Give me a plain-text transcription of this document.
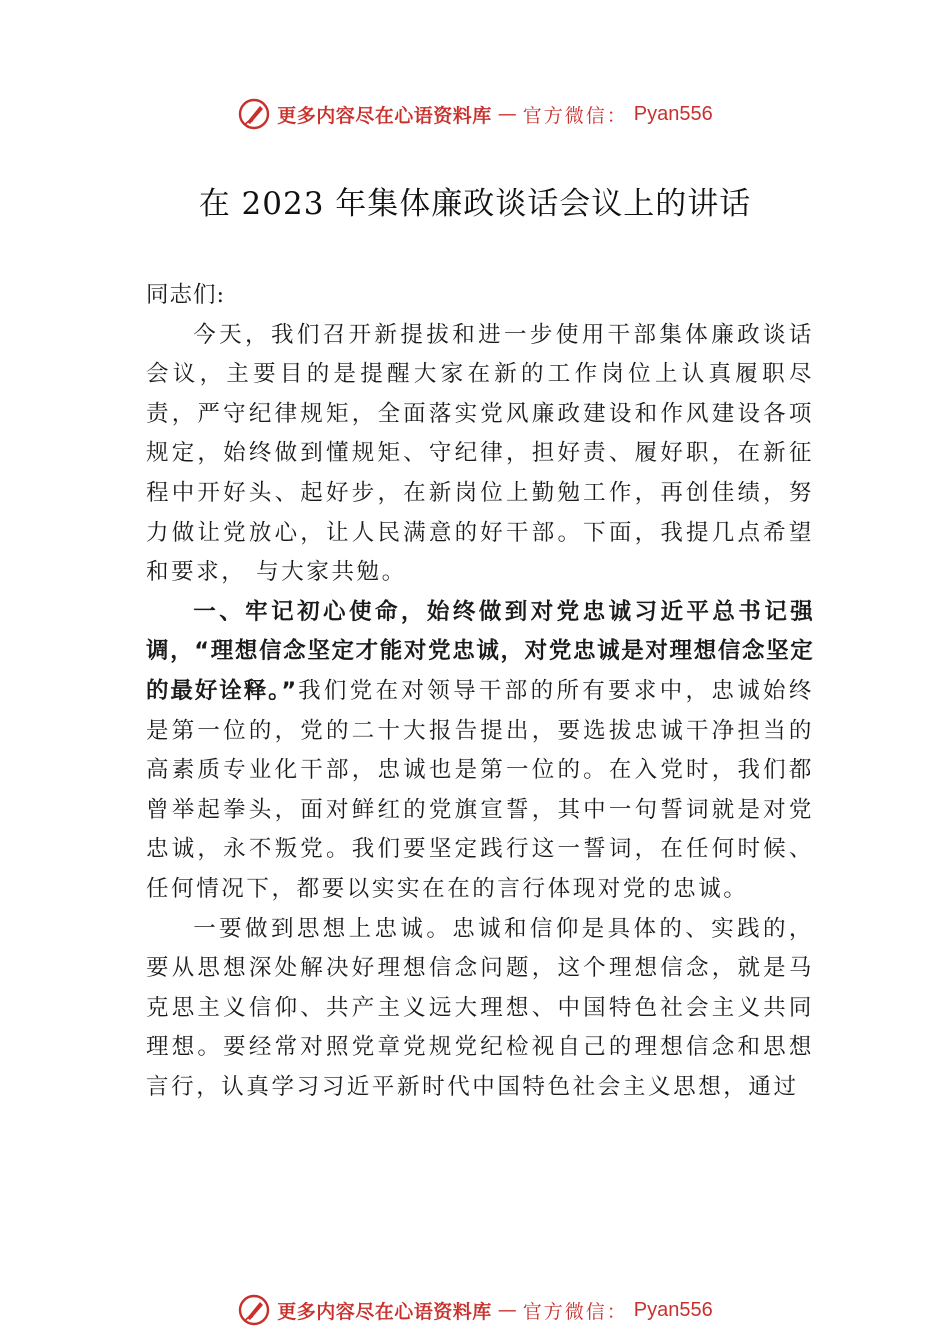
更多内容尽在心语资料库 — 官方微信： Pyan556
在 2023 年集体廉政谈话会议上的讲话

同志们:

今天，我们召开新提拔和进一步使用干部集体廉政谈话会议，主要目的是提醒大家在新的工作岗位上认真履职尽责，严守纪律规矩，全面落实党风廉政建设和作风建设各项规定，始终做到懂规矩、守纪律，担好责、履好职，在新征程中开好头、起好步，在新岗位上勤勉工作，再创佳绩，努力做让党放心，让人民满意的好干部。下面，我提几点希望和要求， 与大家共勉。

一、牢记初心使命，始终做到对党忠诚习近平总书记强调，“理想信念坚定才能对党忠诚，对党忠诚是对理想信念坚定的最好诠释。”我们党在对领导干部的所有要求中，忠诚始终是第一位的，党的二十大报告提出，要选拔忠诚干净担当的高素质专业化干部，忠诚也是第一位的。在入党时，我们都曾举起拳头，面对鲜红的党旗宣誓，其中一句誓词就是对党忠诚，永不叛党。我们要坚定践行这一誓词，在任何时候、任何情况下，都要以实实在在的言行体现对党的忠诚。

一要做到思想上忠诚。忠诚和信仰是具体的、实践的，要从思想深处解决好理想信念问题，这个理想信念，就是马克思主义信仰、共产主义远大理想、中国特色社会主义共同理想。要经常对照党章党规党纪检视自己的理想信念和思想言行，认真学习习近平新时代中国特色社会主义思想，通过

更多内容尽在心语资料库 — 官方微信： Pyan556
